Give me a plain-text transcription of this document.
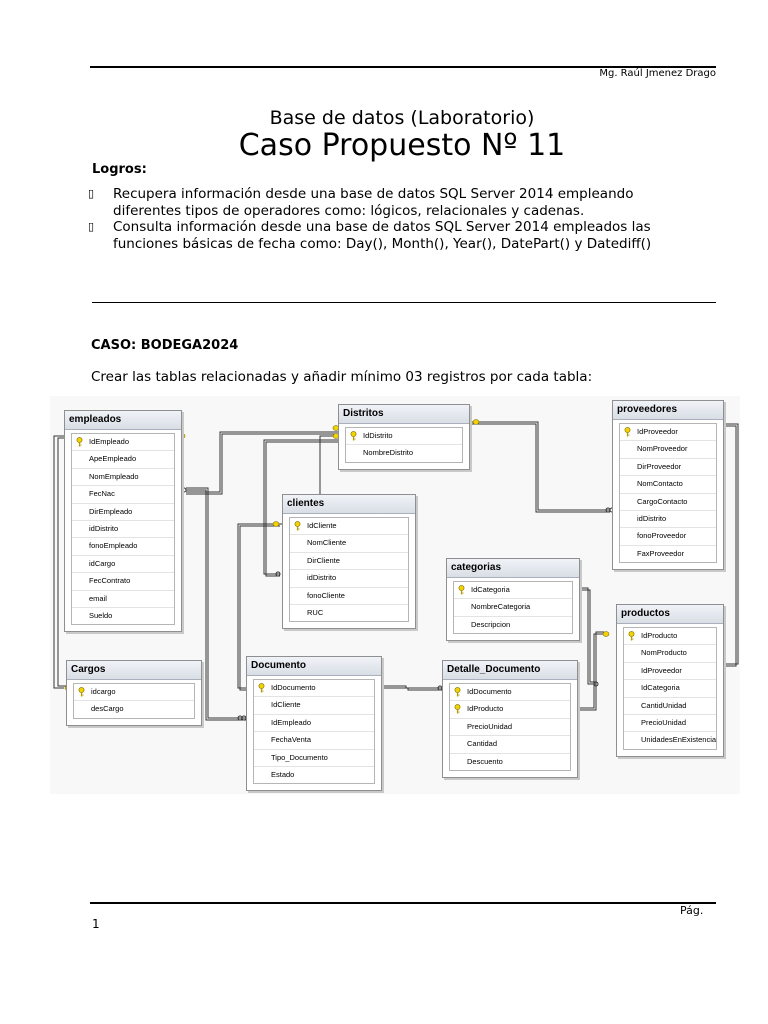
Mg. Raúl Jmenez Drago
Base de datos (Laboratorio)
Caso Propuesto Nº 11
Logros:
▯ Recupera información desde una base de datos SQL Server 2014 empleando diferentes tipos de operadores como: lógicos, relacionales y cadenas.
▯ Consulta información desde una base de datos SQL Server 2014 empleados las funciones básicas de fecha como: Day(), Month(), Year(), DatePart() y Datediff()
CASO: BODEGA2024
Crear las tablas relacionadas y añadir mínimo 03 registros por cada tabla:
empleados
IdEmpleado
ApeEmpleado
NomEmpleado
FecNac
DirEmpleado
idDistrito
fonoEmpleado
idCargo
FecContrato
email
Sueldo
Distritos
IdDistrito
NombreDistrito
proveedores
IdProveedor
NomProveedor
DirProveedor
NomContacto
CargoContacto
idDistrito
fonoProveedor
FaxProveedor
clientes
IdCliente
NomCliente
DirCliente
idDistrito
fonoCliente
RUC
categorias
IdCategoria
NombreCategoria
Descripcion
productos
IdProducto
NomProducto
IdProveedor
IdCategoria
CantidUnidad
PrecioUnidad
UnidadesEnExistencia
Cargos
idcargo
desCargo
Documento
IdDocumento
IdCliente
IdEmpleado
FechaVenta
Tipo_Documento
Estado
Detalle_Documento
IdDocumento
IdProducto
PrecioUnidad
Cantidad
Descuento
Pág.
1
